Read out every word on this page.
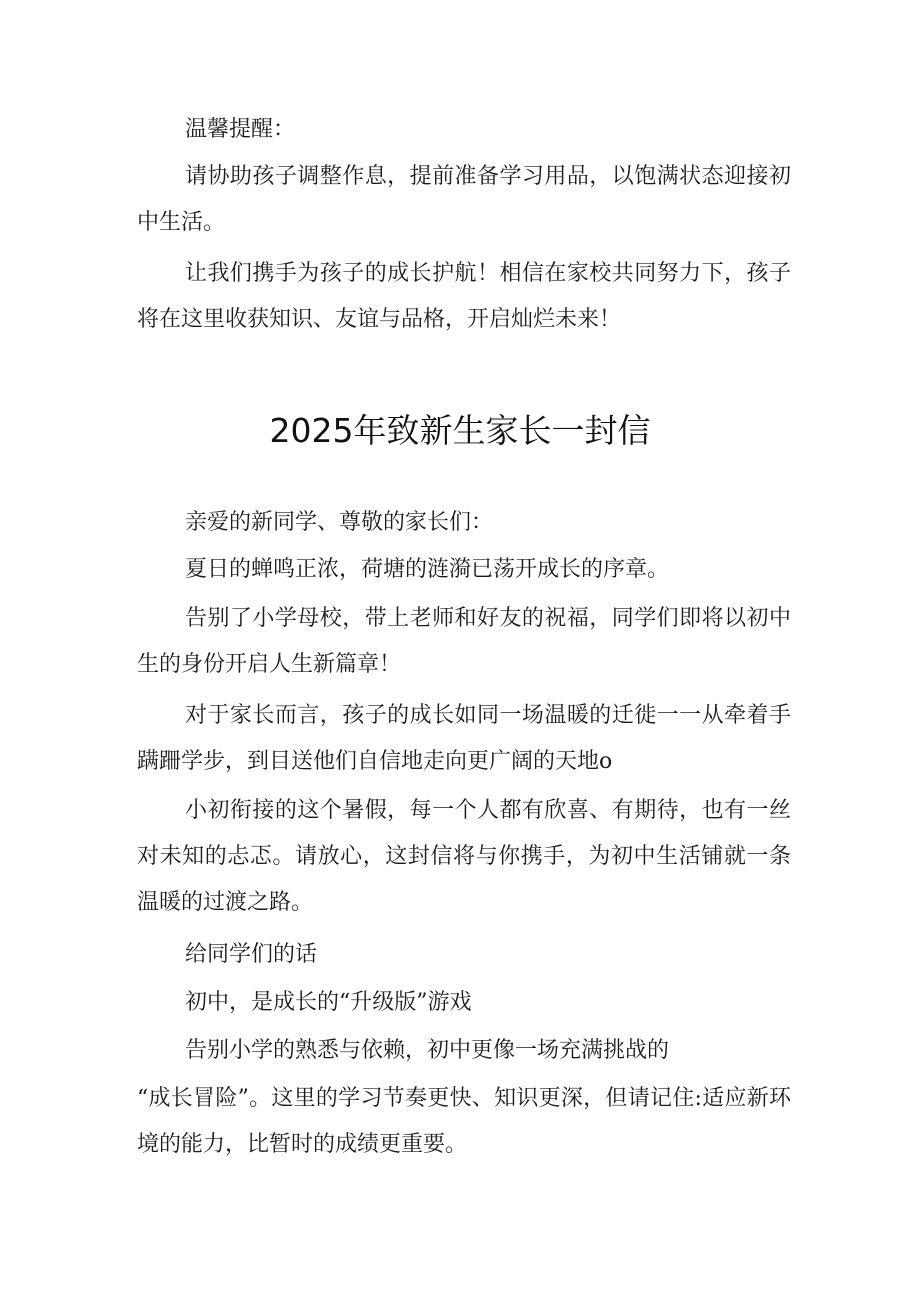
温馨提醒：

请协助孩子调整作息，提前准备学习用品，以饱满状态迎接初中生活。

让我们携手为孩子的成长护航！相信在家校共同努力下，孩子将在这里收获知识、友谊与品格，开启灿烂未来！

2025年致新生家长一封信

亲爱的新同学、尊敬的家长们：

夏日的蝉鸣正浓，荷塘的涟漪已荡开成长的序章。

告别了小学母校，带上老师和好友的祝福，同学们即将以初中生的身份开启人生新篇章！

对于家长而言，孩子的成长如同一场温暖的迁徙一一从牵着手蹒跚学步，到目送他们自信地走向更广阔的天地o

小初衔接的这个暑假，每一个人都有欣喜、有期待，也有一丝对未知的忐忑。请放心，这封信将与你携手，为初中生活铺就一条温暖的过渡之路。

给同学们的话

初中，是成长的“升级版”游戏

告别小学的熟悉与依赖，初中更像一场充满挑战的

“成长冒险”。这里的学习节奏更快、知识更深，但请记住:适应新环境的能力，比暂时的成绩更重要。
